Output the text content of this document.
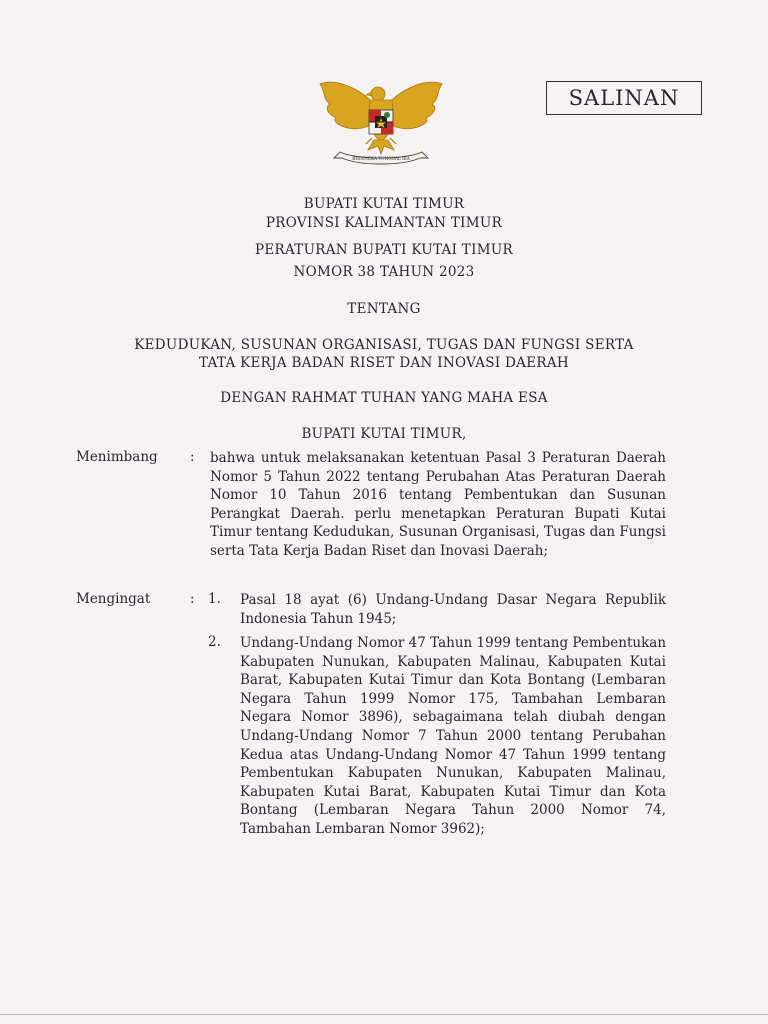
BHINNEKA TUNGGAL IKA
SALINAN
BUPATI KUTAI TIMUR
PROVINSI KALIMANTAN TIMUR
PERATURAN BUPATI KUTAI TIMUR
NOMOR 38 TAHUN 2023
TENTANG
KEDUDUKAN, SUSUNAN ORGANISASI, TUGAS DAN FUNGSI SERTA
TATA KERJA BADAN RISET DAN INOVASI DAERAH
DENGAN RAHMAT TUHAN YANG MAHA ESA
BUPATI KUTAI TIMUR,
Menimbang : bahwa untuk melaksanakan ketentuan Pasal 3 Peraturan Daerah Nomor 5 Tahun 2022 tentang Perubahan Atas Peraturan Daerah Nomor 10 Tahun 2016 tentang Pembentukan dan Susunan Perangkat Daerah. perlu menetapkan Peraturan Bupati Kutai Timur tentang Kedudukan, Susunan Organisasi, Tugas dan Fungsi serta Tata Kerja Badan Riset dan Inovasi Daerah;
Mengingat	: 1. Pasal 18 ayat (6) Undang-Undang Dasar Negara Republik Indonesia Tahun 1945;
2. Undang-Undang Nomor 47 Tahun 1999 tentang Pembentukan Kabupaten Nunukan, Kabupaten Malinau, Kabupaten Kutai Barat, Kabupaten Kutai Timur dan Kota Bontang (Lembaran Negara Tahun 1999 Nomor 175, Tambahan Lembaran Negara Nomor 3896), sebagaimana telah diubah dengan Undang-Undang Nomor 7 Tahun 2000 tentang Perubahan Kedua atas Undang-Undang Nomor 47 Tahun 1999 tentang Pembentukan Kabupaten Nunukan, Kabupaten Malinau, Kabupaten Kutai Barat, Kabupaten Kutai Timur dan Kota Bontang (Lembaran Negara Tahun 2000 Nomor 74, Tambahan Lembaran Nomor 3962);
